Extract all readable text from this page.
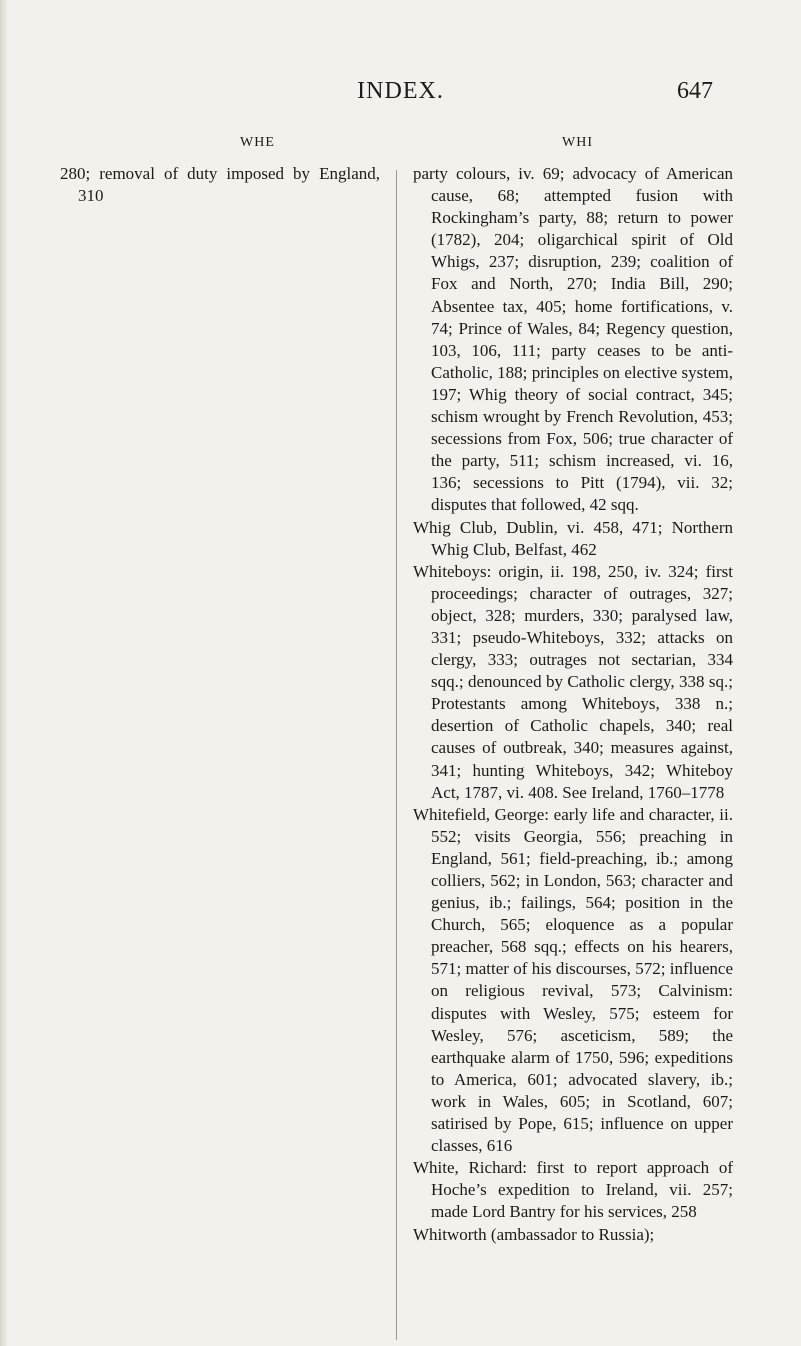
INDEX.	647
WHE	WHI

280; removal of duty imposed by England, 310

party colours, iv. 69; advocacy of American cause, 68; attempted fusion with Rockingham’s party, 88; return to power (1782), 204; oligarchical spirit of Old Whigs, 237; disruption, 239; coalition of Fox and North, 270; India Bill, 290; Absentee tax, 405; home fortifications, v. 74; Prince of Wales, 84; Regency question, 103, 106, 111; party ceases to be anti-Catholic, 188; principles on elective system, 197; Whig theory of social contract, 345; schism wrought by French Revolution, 453; secessions from Fox, 506; true character of the party, 511; schism increased, vi. 16, 136; secessions to Pitt (1794), vii. 32; disputes that followed, 42 sqq.

Whig Club, Dublin, vi. 458, 471; Northern Whig Club, Belfast, 462

Whiteboys: origin, ii. 198, 250, iv. 324; first proceedings; character of outrages, 327; object, 328; murders, 330; paralysed law, 331; pseudo-Whiteboys, 332; attacks on clergy, 333; outrages not sectarian, 334 sqq.; denounced by Catholic clergy, 338 sq.; Protestants among Whiteboys, 338 n.; desertion of Catholic chapels, 340; real causes of outbreak, 340; measures against, 341; hunting Whiteboys, 342; Whiteboy Act, 1787, vi. 408. See Ireland, 1760–1778

Whitefield, George: early life and character, ii. 552; visits Georgia, 556; preaching in England, 561; field-preaching, ib.; among colliers, 562; in London, 563; character and genius, ib.; failings, 564; position in the Church, 565; eloquence as a popular preacher, 568 sqq.; effects on his hearers, 571; matter of his discourses, 572; influence on religious revival, 573; Calvinism: disputes with Wesley, 575; esteem for Wesley, 576; asceticism, 589; the earthquake alarm of 1750, 596; expeditions to America, 601; advocated slavery, ib.; work in Wales, 605; in Scotland, 607; satirised by Pope, 615; influence on upper classes, 616

White, Richard: first to report approach of Hoche’s expedition to Ireland, vii. 257; made Lord Bantry for his services, 258

Whitworth (ambassador to Russia);
